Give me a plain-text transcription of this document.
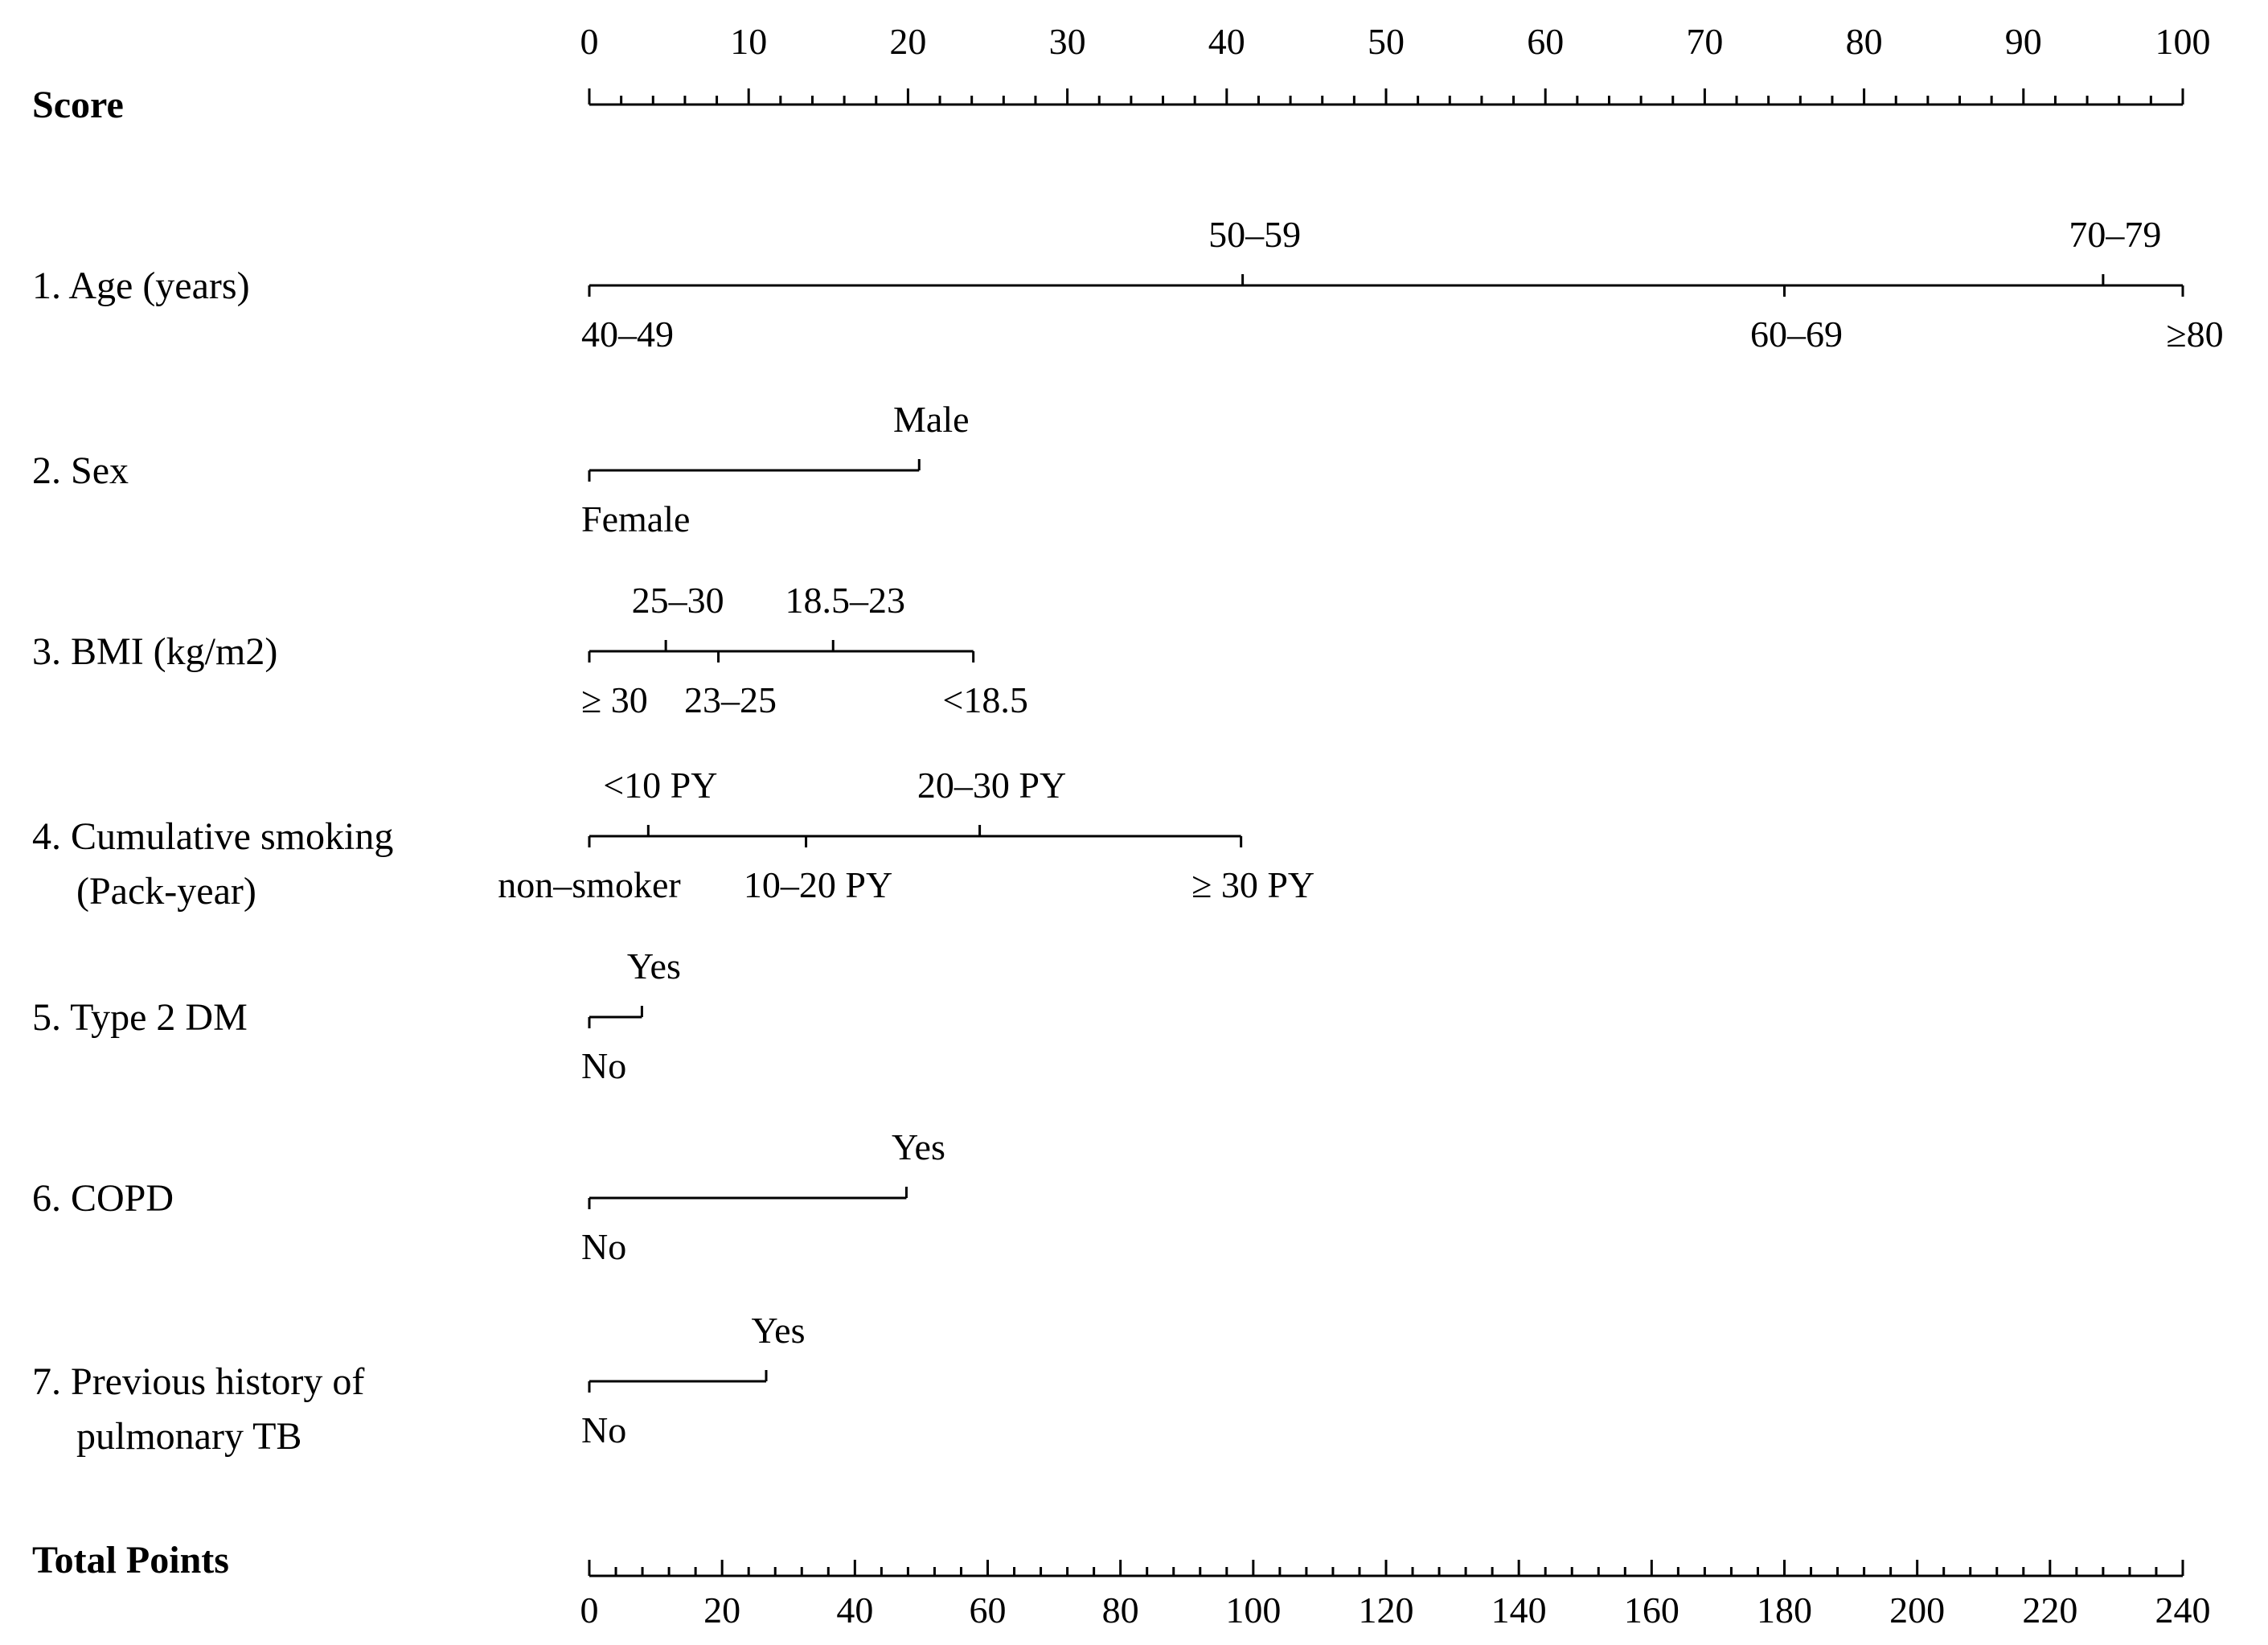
Score
0	10	20	30	40	50	60	70	80	90	100
1. Age (years)
40–49
50–59
60–69
70–79
≥80
2. Sex
Female
Male
3. BMI (kg/m2)
≥ 30
25–30
23–25
18.5–23
<18.5
4. Cumulative smoking
(Pack-year)	non–smoker
<10 PY
10–20 PY
20–30 PY
≥ 30 PY
5. Type 2 DM
No
Yes
6. COPD
No
Yes
7. Previous history of
pulmonary TB	No
Yes
Total Points
0	20	40	60	80 100 120 140 160 180 200 220 240
